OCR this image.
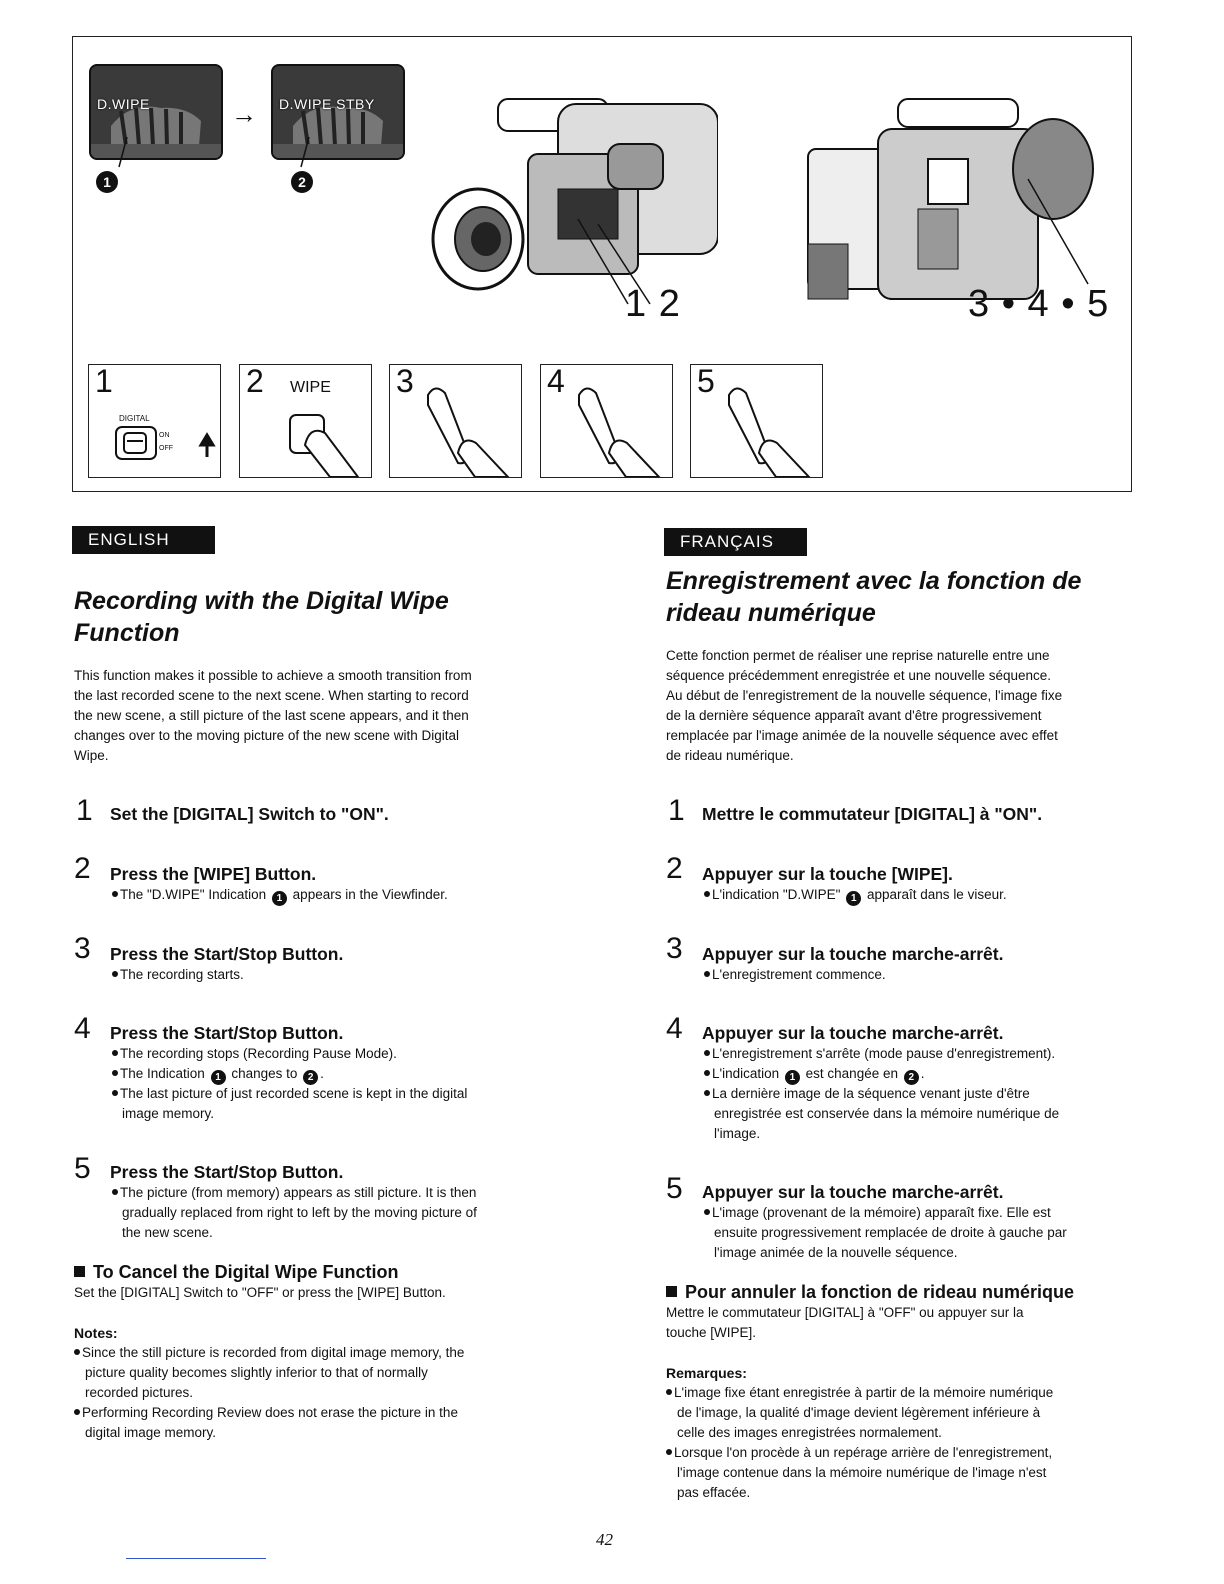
D.WIPE	→ D.WIPE STBY
1	2
1 2	3 • 4 • 5
1
DIGITAL
ON
OFF
2 WIPE 3	4	5
ENGLISH
Recording with the Digital Wipe
Function
This function makes it possible to achieve a smooth transition from
the last recorded scene to the next scene. When starting to record
the new scene, a still picture of the last scene appears, and it then
changes over to the moving picture of the new scene with Digital
Wipe.
1 Set the [DIGITAL] Switch to "ON".
2 Press the [WIPE] Button.
The "D.WIPE" Indication 1 appears in the Viewfinder.
3 Press the Start/Stop Button.
The recording starts.
4 Press the Start/Stop Button.
The recording stops (Recording Pause Mode).
The Indication 1 changes to 2 .
The last picture of just recorded scene is kept in the digital
image memory.
5 Press the Start/Stop Button.
The picture (from memory) appears as still picture. It is then
gradually replaced from right to left by the moving picture of
the new scene.
To Cancel the Digital Wipe Function
Set the [DIGITAL] Switch to "OFF" or press the [WIPE] Button.
Notes:
Since the still picture is recorded from digital image memory, the
picture quality becomes slightly inferior to that of normally
recorded pictures.
Performing Recording Review does not erase the picture in the
digital image memory.
FRANÇAIS
Enregistrement avec la fonction de
rideau numérique
Cette fonction permet de réaliser une reprise naturelle entre une
séquence précédemment enregistrée et une nouvelle séquence.
Au début de l'enregistrement de la nouvelle séquence, l'image fixe
de la dernière séquence apparaît avant d'être progressivement
remplacée par l'image animée de la nouvelle séquence avec effet
de rideau numérique.
1 Mettre le commutateur [DIGITAL] à "ON".
2 Appuyer sur la touche [WIPE].
L'indication "D.WIPE" 1 apparaît dans le viseur.
3 Appuyer sur la touche marche-arrêt.
L'enregistrement commence.
4 Appuyer sur la touche marche-arrêt.
L'enregistrement s'arrête (mode pause d'enregistrement).
L'indication 1 est changée en 2 .
La dernière image de la séquence venant juste d'être
enregistrée est conservée dans la mémoire numérique de
l'image.
5 Appuyer sur la touche marche-arrêt.
L'image (provenant de la mémoire) apparaît fixe. Elle est
ensuite progressivement remplacée de droite à gauche par
l'image animée de la nouvelle séquence.
Pour annuler la fonction de rideau numérique
Mettre le commutateur [DIGITAL] à "OFF" ou appuyer sur la
touche [WIPE].
Remarques:
L'image fixe étant enregistrée à partir de la mémoire numérique
de l'image, la qualité d'image devient légèrement inférieure à
celle des images enregistrées normalement.
Lorsque l'on procède à un repérage arrière de l'enregistrement,
l'image contenue dans la mémoire numérique de l'image n'est
pas effacée.
42
